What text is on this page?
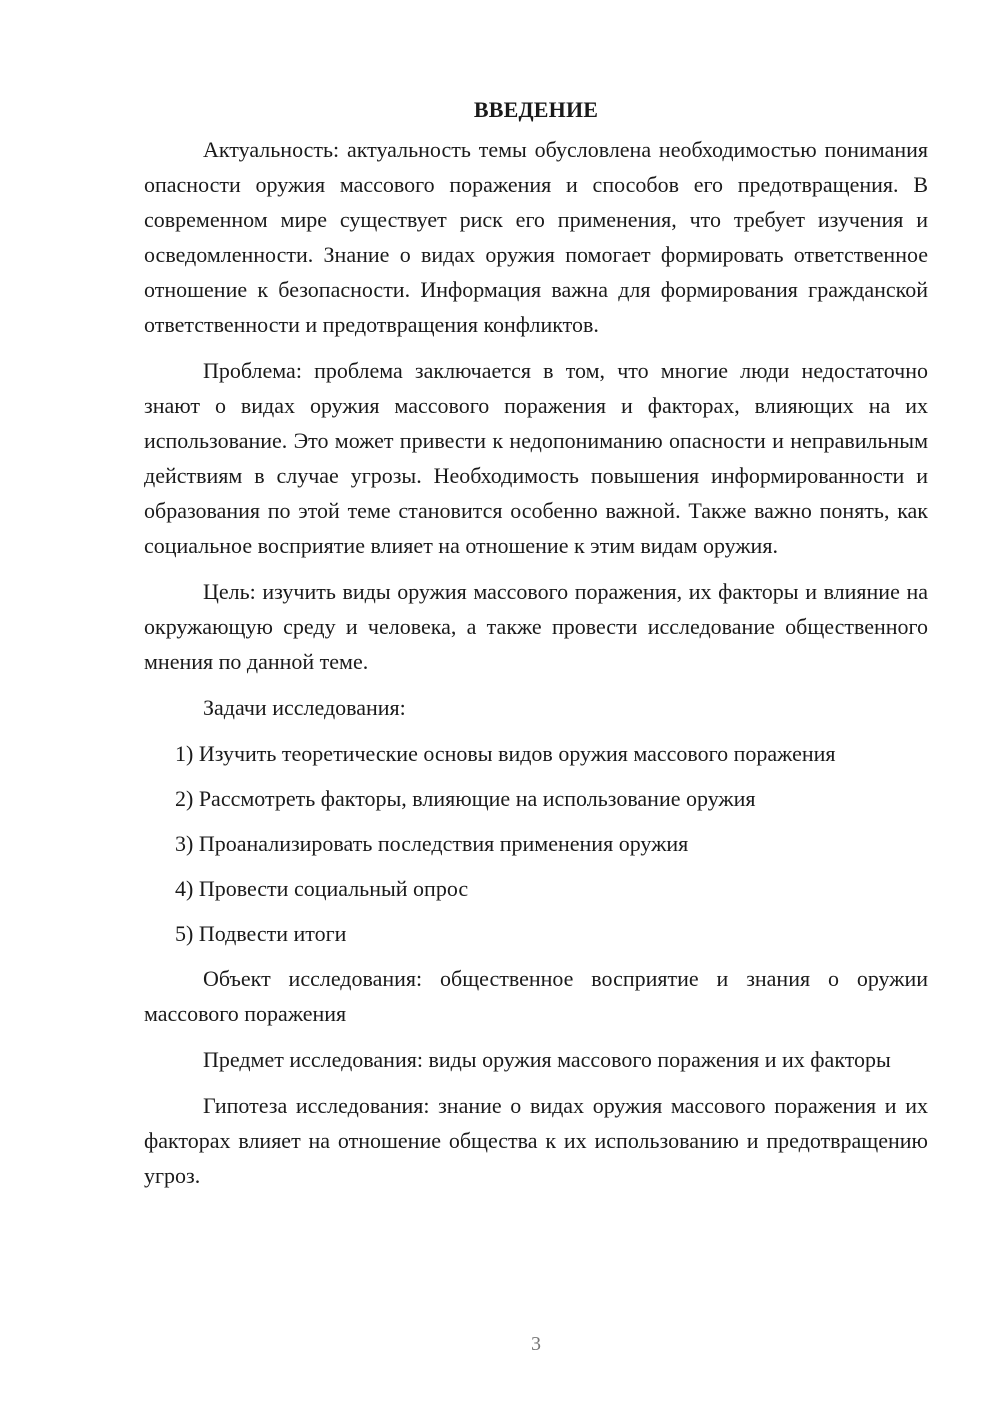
ВВЕДЕНИЕ

Актуальность: актуальность темы обусловлена необходимостью понимания опасности оружия массового поражения и способов его предотвращения. В современном мире существует риск его применения, что требует изучения и осведомленности. Знание о видах оружия помогает формировать ответственное отношение к безопасности. Информация важна для формирования гражданской ответственности и предотвращения конфликтов.

Проблема: проблема заключается в том, что многие люди недостаточно знают о видах оружия массового поражения и факторах, влияющих на их использование. Это может привести к недопониманию опасности и неправильным действиям в случае угрозы. Необходимость повышения информированности и образования по этой теме становится особенно важной. Также важно понять, как социальное восприятие влияет на отношение к этим видам оружия.

Цель: изучить виды оружия массового поражения, их факторы и влияние на окружающую среду и человека, а также провести исследование общественного мнения по данной теме.

Задачи исследования:

1) Изучить теоретические основы видов оружия массового поражения

2) Рассмотреть факторы, влияющие на использование оружия

3) Проанализировать последствия применения оружия

4) Провести социальный опрос

5) Подвести итоги

Объект исследования: общественное восприятие и знания о оружии массового поражения

Предмет исследования: виды оружия массового поражения и их факторы

Гипотеза исследования: знание о видах оружия массового поражения и их факторах влияет на отношение общества к их использованию и предотвращению угроз.

3
